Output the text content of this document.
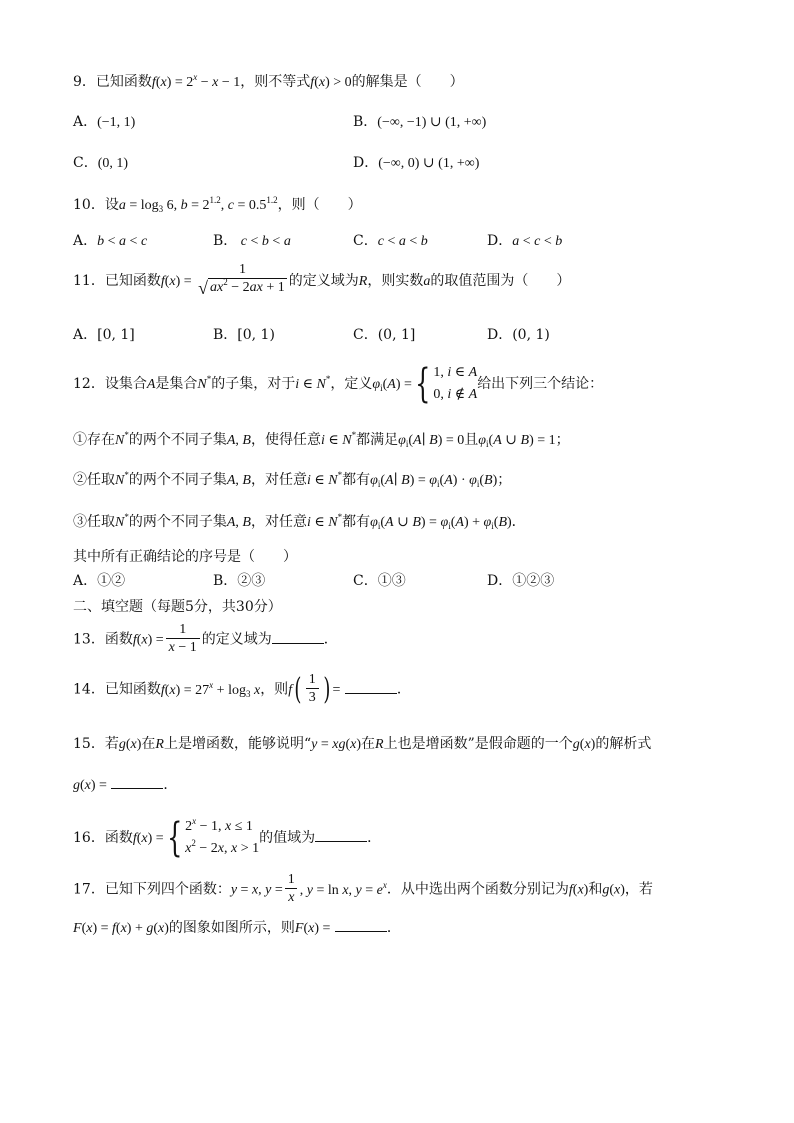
9．已知函数$f(x) = 2^x - x - 1$，则不等式f(x) > 0的解集是（　　）
A．(−1, 1)	B．(−∞, −1) ∪ (1, +∞)
C．(0, 1)	D．(−∞, 0) ∪ (1, +∞)
10．设$a = \log_3 6$, $b = 2^{1.2}$, $c = 0.5^{1.2}$，则（　　）
A．b < a < c	B． c < b < a	C．c < a < b	D．a < c < b
11．已知函数f(x) =
1
√ $ax^2 - 2ax + 1$ 的定义域为R，则实数a的取值范围为（　　）
A．[0, 1]	B．[0, 1)	C．(0, 1]	D．(0, 1)
12．设集合A是集合N*的子集，对于i ∈ N*，定义$\varphi_i(A)$ ={ 1, i ∈ A
0, i ∉ A
给出下列三个结论：
①存在N*的两个不同子集A, B，使得任意i ∈ N*都满足$\varphi_i(A∣$ B) = 0且$\varphi_i(A$ ∪ B) = 1；
②任取N*的两个不同子集A, B，对任意i ∈ N*都有$\varphi_i(A∣$ $B) = \varphi_i(A) \cdot \varphi_i(B)$；
③任取N*的两个不同子集A, B，对任意i ∈ N*都有$\varphi_i(A$ ∪ $B) = \varphi_i(A) + \varphi_i(B)$．
其中所有正确结论的序号是（　　）
A．①②	B．②③	C．①③	D．①②③
二、填空题（每题5分，共30分）
13．函数$f(x) = \frac{1}{x - 1}$ 的定义域为	．
14．已知函数$f(x) = 27^x + \log_3 x$，则$f( \frac{1}{3}$ ) =	．
15．若g(x)在R上是增函数，能够说明“y = xg(x)在R上也是增函数”是假命题的一个g(x)的解析式
g(x) =	．
16．函数f(x) ={ $2^x - 1$, x ≤ 1
$x^2 - 2x$, x > 1
的值域为	．
17．已知下列四个函数：y = x, $y = \frac{1}{x}$ , y = ln x, $y = e^x$．从中选出两个函数分别记为f(x)和g(x)，若
F(x) = f(x) + g(x)的图象如图所示，则F(x) =	．
